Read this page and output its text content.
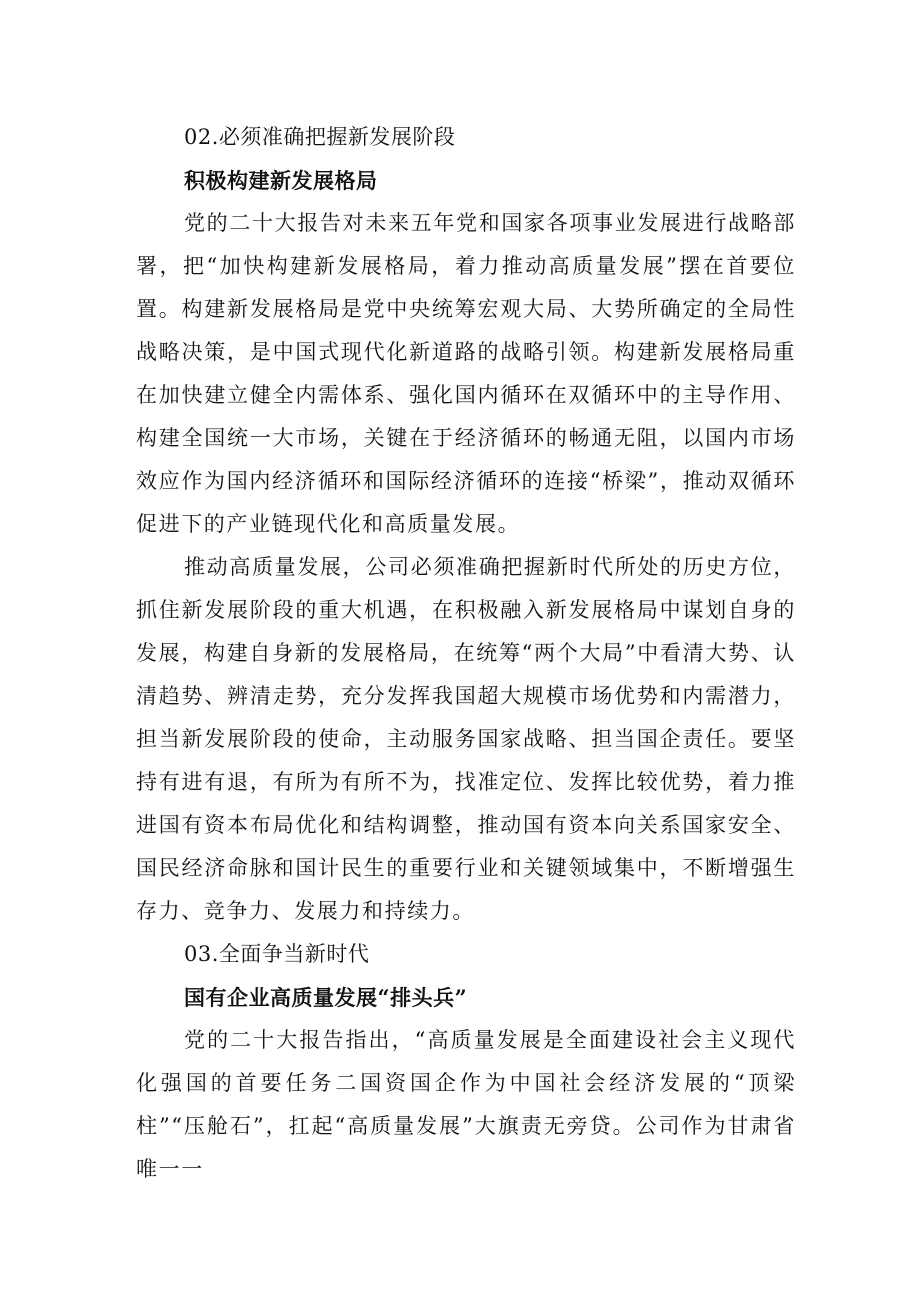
02.必须准确把握新发展阶段

积极构建新发展格局

党的二十大报告对未来五年党和国家各项事业发展进行战略部署，把“加快构建新发展格局，着力推动高质量发展”摆在首要位置。构建新发展格局是党中央统筹宏观大局、大势所确定的全局性战略决策，是中国式现代化新道路的战略引领。构建新发展格局重在加快建立健全内需体系、强化国内循环在双循环中的主导作用、构建全国统一大市场，关键在于经济循环的畅通无阻，以国内市场效应作为国内经济循环和国际经济循环的连接“桥梁”，推动双循环促进下的产业链现代化和高质量发展。

推动高质量发展，公司必须准确把握新时代所处的历史方位，抓住新发展阶段的重大机遇，在积极融入新发展格局中谋划自身的发展，构建自身新的发展格局，在统筹“两个大局”中看清大势、认清趋势、辨清走势，充分发挥我国超大规模市场优势和内需潜力，担当新发展阶段的使命，主动服务国家战略、担当国企责任。要坚持有进有退，有所为有所不为，找准定位、发挥比较优势，着力推进国有资本布局优化和结构调整，推动国有资本向关系国家安全、国民经济命脉和国计民生的重要行业和关键领域集中，不断增强生存力、竞争力、发展力和持续力。

03.全面争当新时代

国有企业高质量发展“排头兵”

党的二十大报告指出，“高质量发展是全面建设社会主义现代化强国的首要任务二国资国企作为中国社会经济发展的“顶梁柱”“压舱石”，扛起“高质量发展”大旗责无旁贷。公司作为甘肃省唯一一
